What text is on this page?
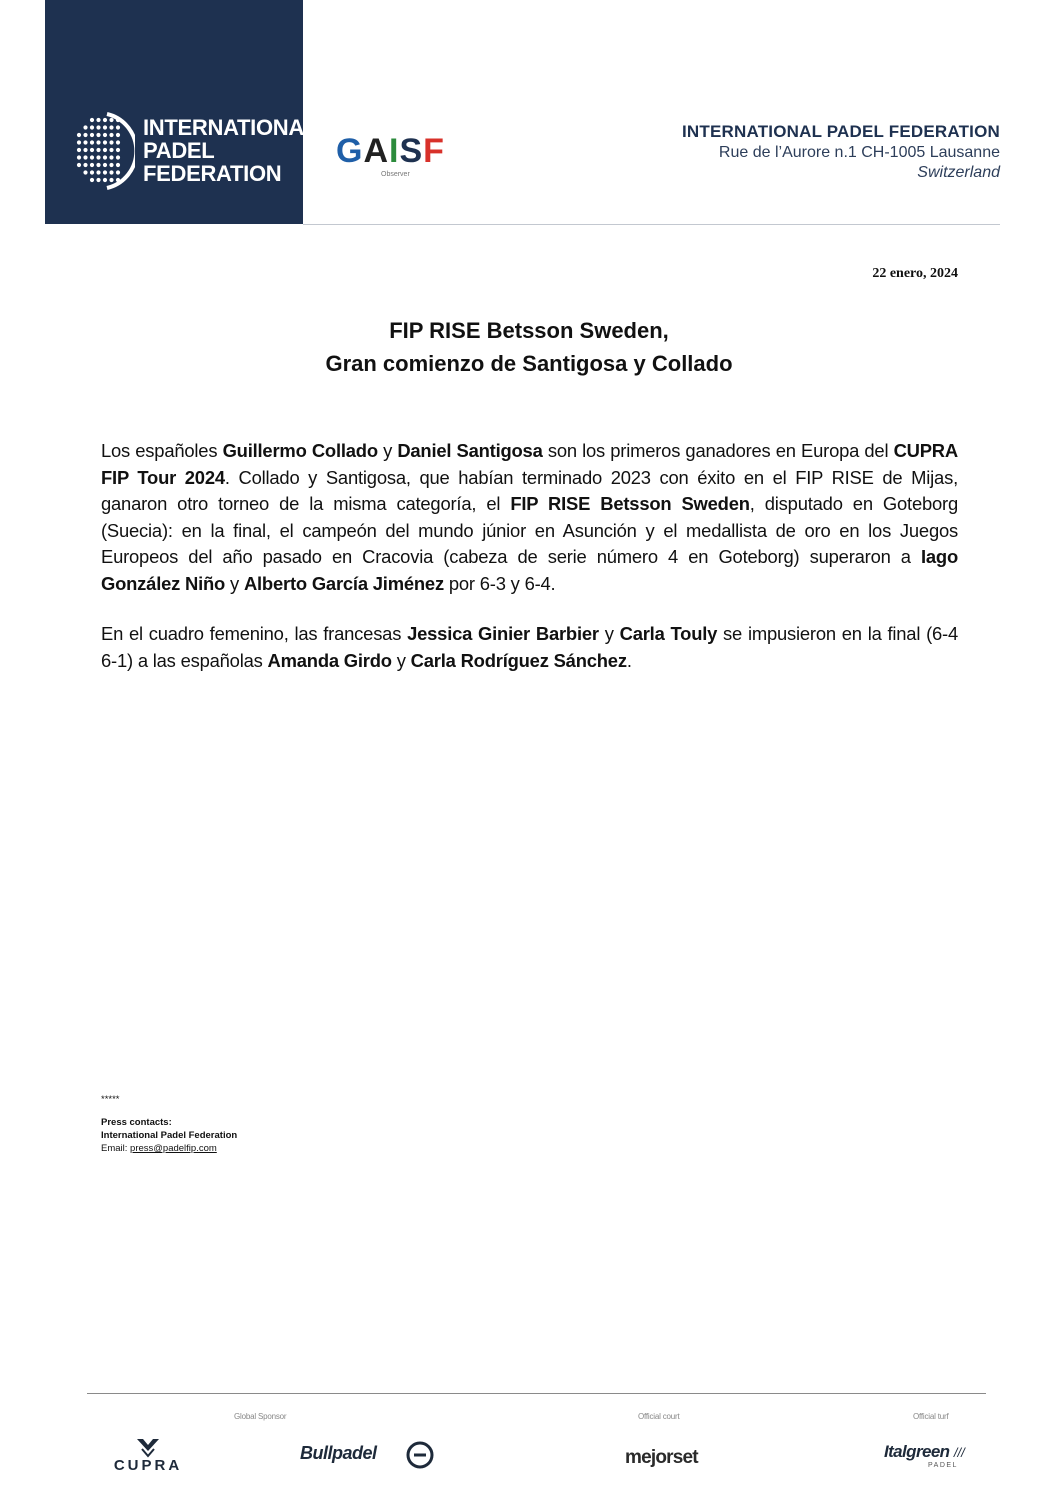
INTERNATIONAL
PADEL
FEDERATION
GAISF
Observer
INTERNATIONAL PADEL FEDERATION
Rue de l’Aurore n.1 CH-1005 Lausanne
Switzerland
22 enero, 2024
FIP RISE Betsson Sweden,
Gran comienzo de Santigosa y Collado

Los españoles Guillermo Collado y Daniel Santigosa son los primeros ganadores en Europa del CUPRA FIP Tour 2024. Collado y Santigosa, que habían terminado 2023 con éxito en el FIP RISE de Mijas, ganaron otro torneo de la misma categoría, el FIP RISE Betsson Sweden, disputado en Goteborg (Suecia): en la final, el campeón del mundo júnior en Asunción y el medallista de oro en los Juegos Europeos del año pasado en Cracovia (cabeza de serie número 4 en Goteborg) superaron a Iago González Niño y Alberto García Jiménez por 6-3 y 6-4.

En el cuadro femenino, las francesas Jessica Ginier Barbier y Carla Touly se impusieron en la final (6-4 6-1) a las españolas Amanda Girdo y Carla Rodríguez Sánchez.

*****
Press contacts:
International Padel Federation
Email: press@padelfip.com
Global Sponsor	Official court	Official turf
CUPRA
Bullpadel	mejorset	Italgreen ///
PADEL
